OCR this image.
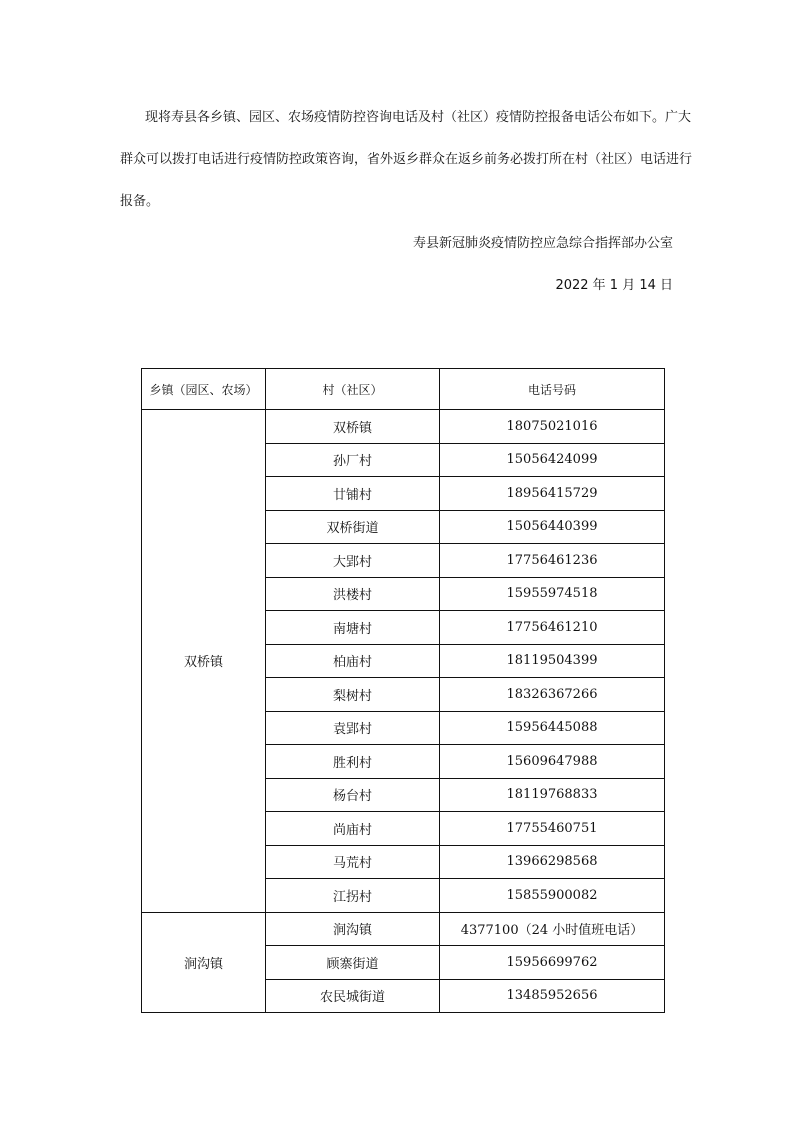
现将寿县各乡镇、园区、农场疫情防控咨询电话及村（社区）疫情防控报备电话公布如下。广大
群众可以拨打电话进行疫情防控政策咨询，省外返乡群众在返乡前务必拨打所在村（社区）电话进行
报备。
寿县新冠肺炎疫情防控应急综合指挥部办公室
2022 年 1 月 14 日
乡镇（园区、农场）	村（社区）	电话号码
双桥镇	双桥镇	18075021016
	孙厂村	15056424099
	廿铺村	18956415729
	双桥街道	15056440399
	大郢村	17756461236
	洪楼村	15955974518
	南塘村	17756461210
	柏庙村	18119504399
	梨树村	18326367266
	袁郢村	15956445088
	胜利村	15609647988
	杨台村	18119768833
	尚庙村	17755460751
	马荒村	13966298568
	江拐村	15855900082
涧沟镇	涧沟镇	4377100（24 小时值班电话）
	顾寨街道	15956699762
	农民城街道	13485952656
